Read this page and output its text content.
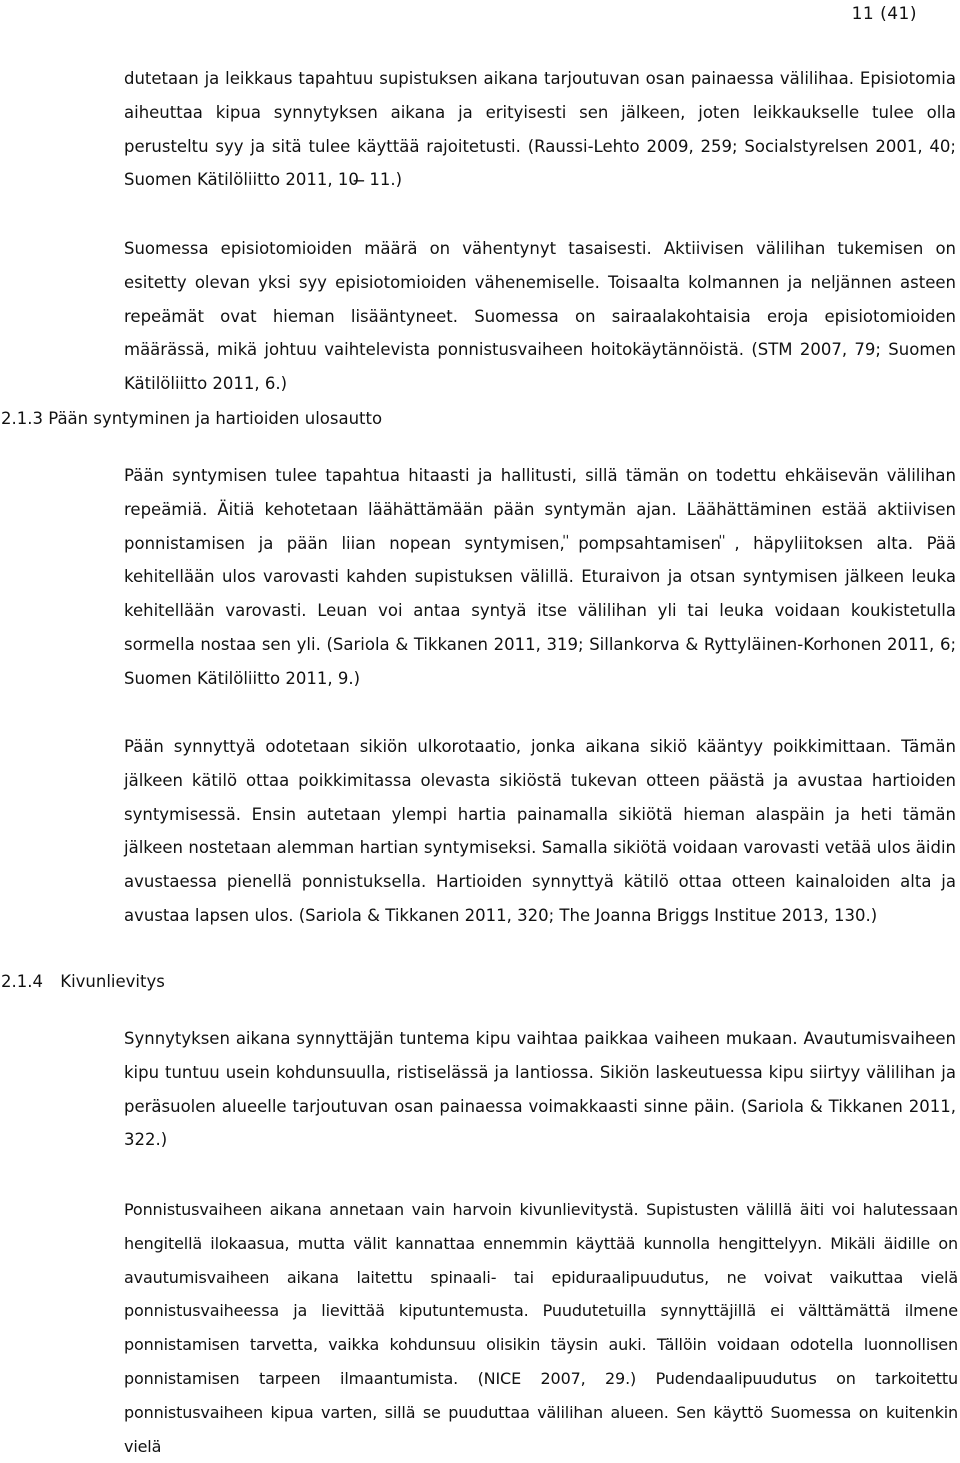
11 (41)

dutetaan ja leikkaus tapahtuu supistuksen aikana tarjoutuvan osan painaessa välilihaa. Episiotomia aiheuttaa kipua synnytyksen aikana ja erityisesti sen jälkeen, joten leikkaukselle tulee olla perusteltu syy ja sitä tulee käyttää rajoitetusti. (Raussi-Lehto 2009, 259; Socialstyrelsen 2001, 40; Suomen Kätilöliitto 2011, 10 ̶ 11.)

Suomessa episiotomioiden määrä on vähentynyt tasaisesti. Aktiivisen välilihan tukemisen on esitetty olevan yksi syy episiotomioiden vähenemiselle. Toisaalta kolmannen ja neljännen asteen repeämät ovat hieman lisääntyneet. Suomessa on sairaalakohtaisia eroja episiotomioiden määrässä, mikä johtuu vaihtelevista ponnistusvaiheen hoitokäytännöistä. (STM 2007, 79; Suomen Kätilöliitto 2011, 6.)

2.1.3 Pään syntyminen ja hartioiden ulosautto

Pään syntymisen tulee tapahtua hitaasti ja hallitusti, sillä tämän on todettu ehkäisevän välilihan repeämiä. Äitiä kehotetaan läähättämään pään syntymän ajan. Läähättäminen estää aktiivisen ponnistamisen ja pään liian nopean syntymisen, ̎pompsahtamisen ̎, häpyliitoksen alta. Pää kehitellään ulos varovasti kahden supistuksen välillä. Eturaivon ja otsan syntymisen jälkeen leuka kehitellään varovasti. Leuan voi antaa syntyä itse välilihan yli tai leuka voidaan koukistetulla sormella nostaa sen yli. (Sariola & Tikkanen 2011, 319; Sillankorva & Ryttyläinen-Korhonen 2011, 6; Suomen Kätilöliitto 2011, 9.)

Pään synnyttyä odotetaan sikiön ulkorotaatio, jonka aikana sikiö kääntyy poikkimittaan. Tämän jälkeen kätilö ottaa poikkimitassa olevasta sikiöstä tukevan otteen päästä ja avustaa hartioiden syntymisessä. Ensin autetaan ylempi hartia painamalla sikiötä hieman alaspäin ja heti tämän jälkeen nostetaan alemman hartian syntymiseksi. Samalla sikiötä voidaan varovasti vetää ulos äidin avustaessa pienellä ponnistuksella. Hartioiden synnyttyä kätilö ottaa otteen kainaloiden alta ja avustaa lapsen ulos. (Sariola & Tikkanen 2011, 320; The Joanna Briggs Institue 2013, 130.)

2.1.4 Kivunlievitys

Synnytyksen aikana synnyttäjän tuntema kipu vaihtaa paikkaa vaiheen mukaan. Avautumisvaiheen kipu tuntuu usein kohdunsuulla, ristiselässä ja lantiossa. Sikiön laskeutuessa kipu siirtyy välilihan ja peräsuolen alueelle tarjoutuvan osan painaessa voimakkaasti sinne päin. (Sariola & Tikkanen 2011, 322.)

Ponnistusvaiheen aikana annetaan vain harvoin kivunlievitystä. Supistusten välillä äiti voi halutessaan hengitellä ilokaasua, mutta välit kannattaa ennemmin käyttää kunnolla hengittelyyn. Mikäli äidille on avautumisvaiheen aikana laitettu spinaali- tai epiduraalipuudutus, ne voivat vaikuttaa vielä ponnistusvaiheessa ja lievittää kiputuntemusta. Puudutetuilla synnyttäjillä ei välttämättä ilmene ponnistamisen tarvetta, vaikka kohdunsuu olisikin täysin auki. Tällöin voidaan odotella luonnollisen ponnistamisen tarpeen ilmaantumista. (NICE 2007, 29.) Pudendaalipuudutus on tarkoitettu ponnistusvaiheen kipua varten, sillä se puuduttaa välilihan alueen. Sen käyttö Suomessa on kuitenkin vielä
